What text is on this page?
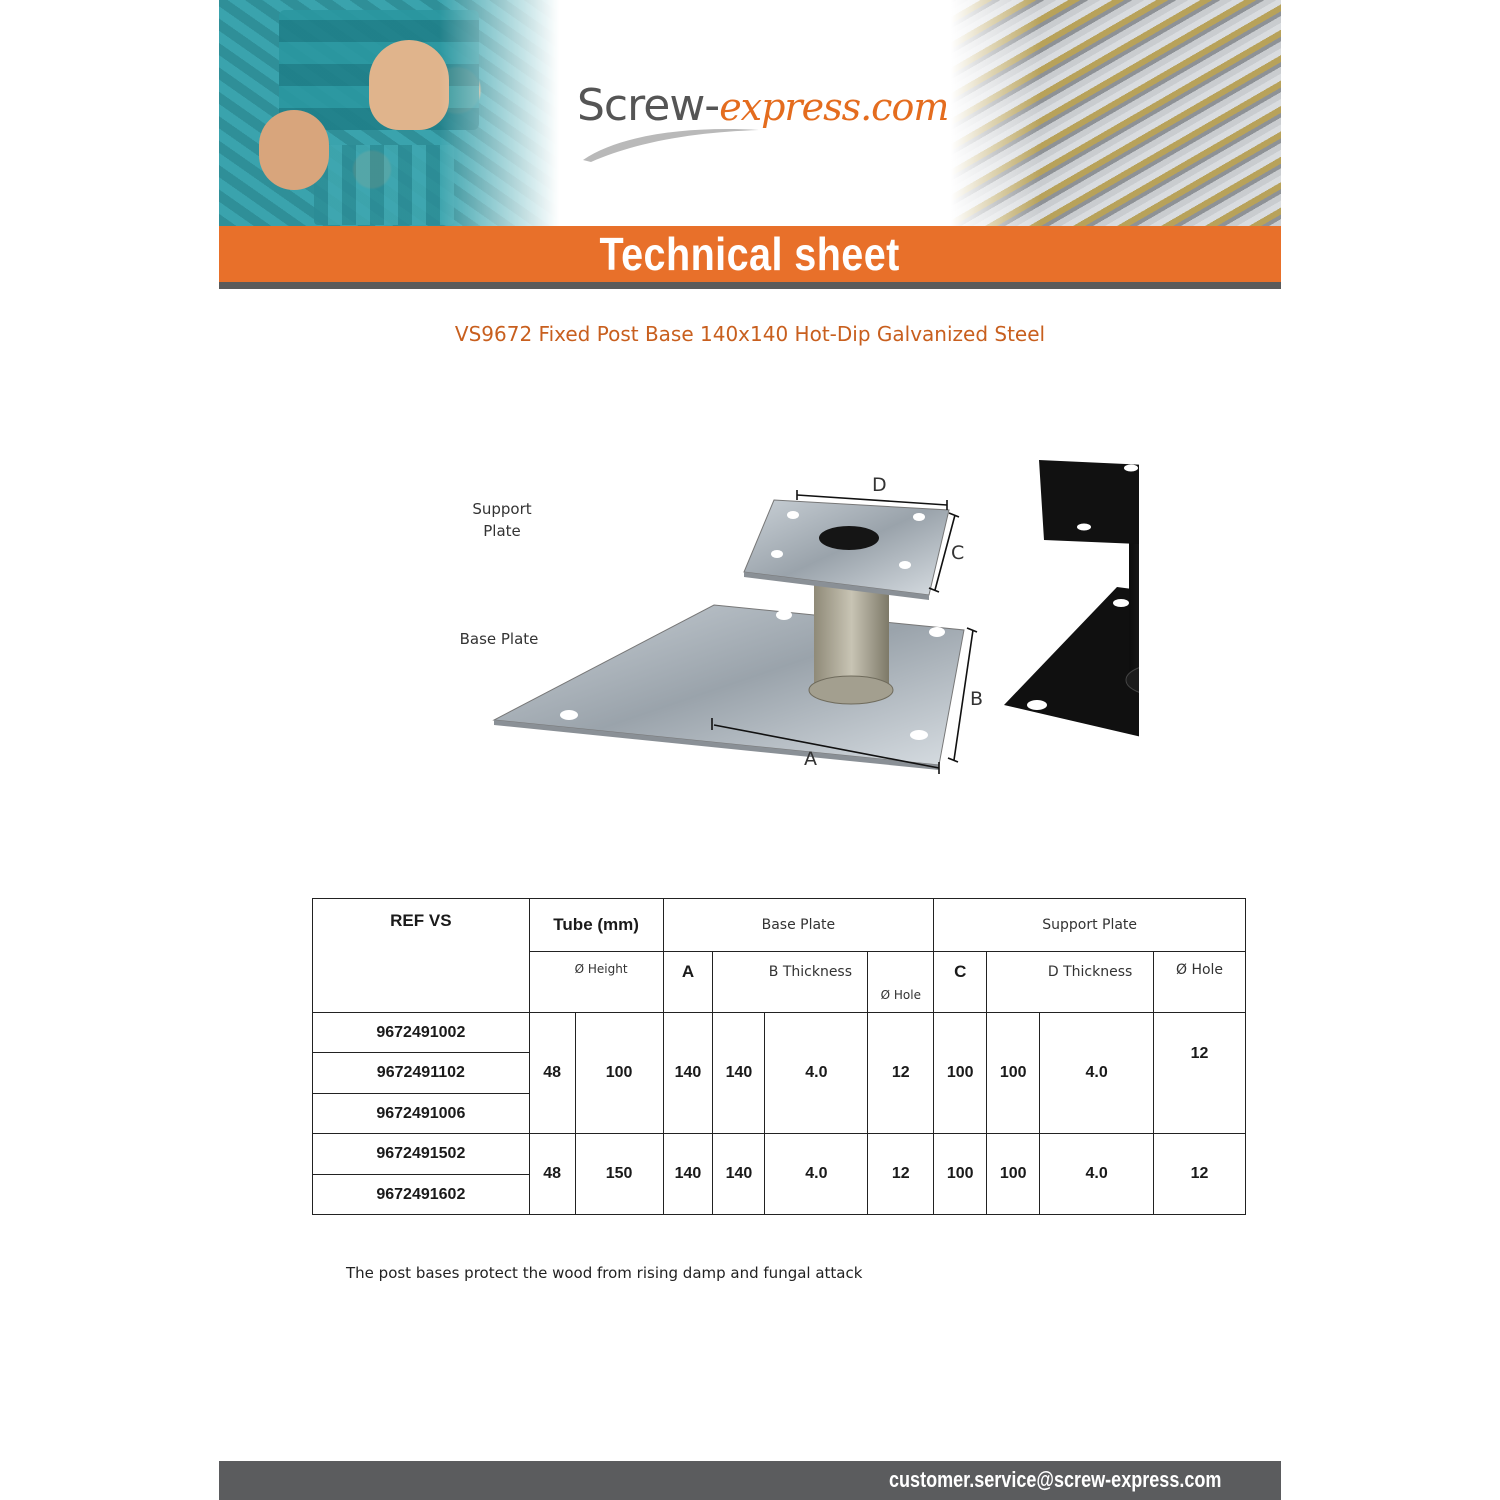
Screw-express.com
Technical sheet
VS9672 Fixed Post Base 140x140 Hot-Dip Galvanized Steel
Support
Plate
Base Plate
D
C
B
A
REF VS	Tube (mm)		Base Plate				Support Plate			
	Ø Height		A	B Thickness		Ø Hole	C	D Thickness		Ø Hole
9672491002	48	100	140	140	4.0	12	100	100	4.0	12
9672491102										
9672491006										
9672491502	48	150	140	140	4.0	12	100	100	4.0	12
9672491602										
The post bases protect the wood from rising damp and fungal attack
customer.service@screw-express.com
